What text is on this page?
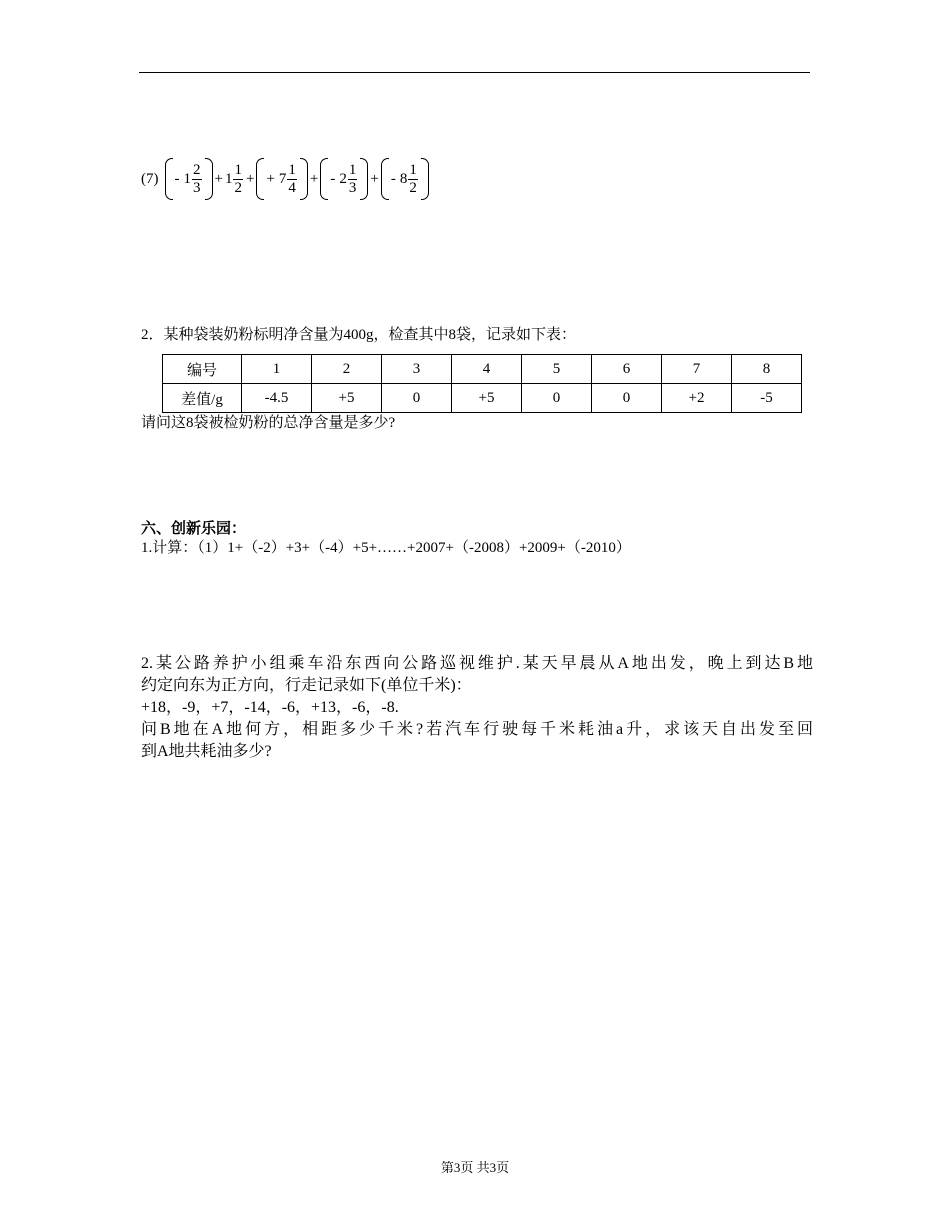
$(7) - 1 \frac{2}{3} + 1 \frac{1}{2}$ + + $7 \frac{1}{4}$ + - $2 \frac{1}{3}$ + - $8 \frac{1}{2}$
2．某种袋装奶粉标明净含量为400g，检查其中8袋，记录如下表：
编号	1	2	3	4	5	6	7	8
差值/g	-4.5	+5	0	+5	0	0	+2	-5
请问这8袋被检奶粉的总净含量是多少?
六、创新乐园：
1.计算：（1）1+（-2）+3+（-4）+5+……+2007+（-2008）+2009+（-2010）

2.某公路养护小组乘车沿东西向公路巡视维护.某天早晨从A地出发，晚上到达B地

约定向东为正方向，行走记录如下(单位千米)：

+18，-9，+7，-14，-6，+13，-6，-8.

问B地在A地何方，相距多少千米?若汽车行驶每千米耗油a升，求该天自出发至回

到A地共耗油多少?

第3页 共3页
